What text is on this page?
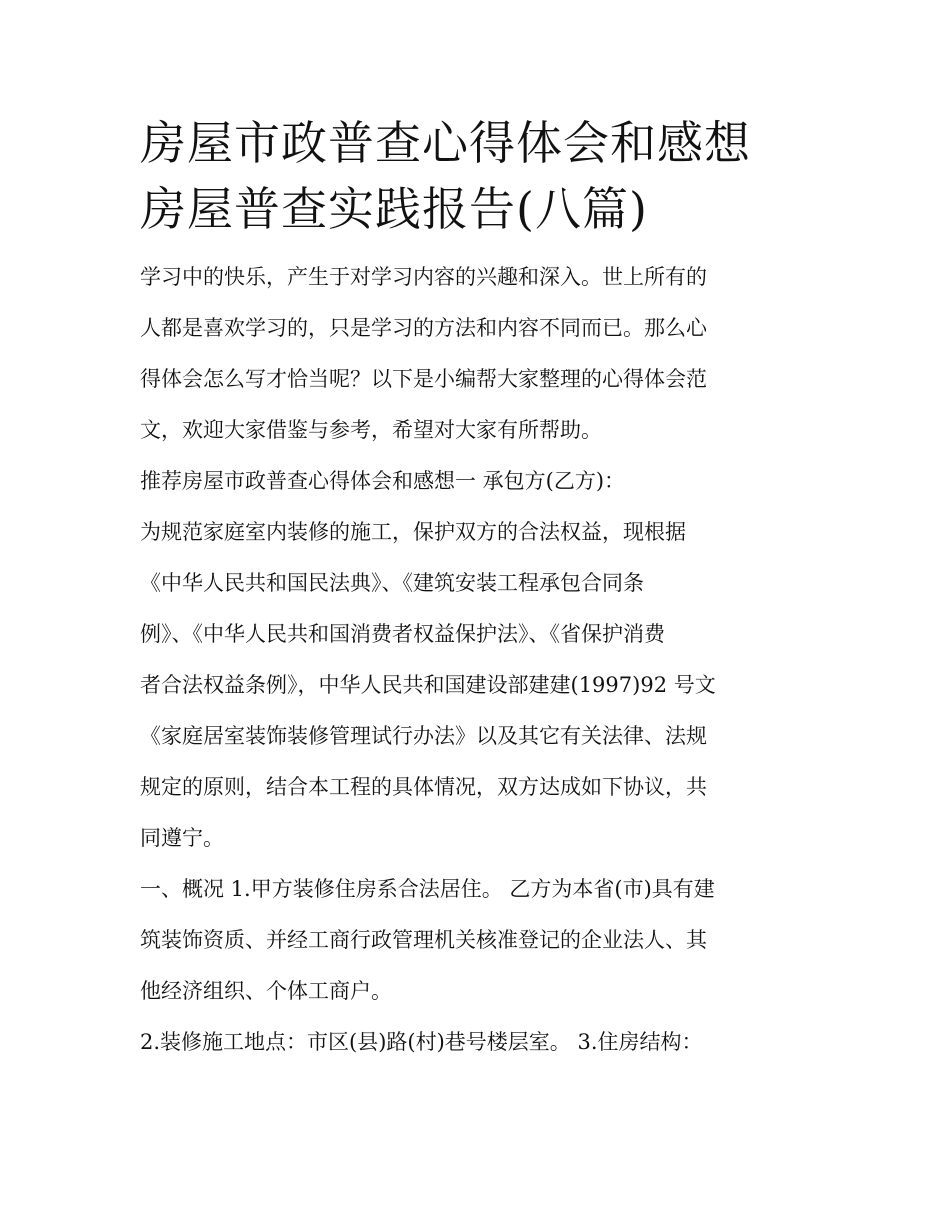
房屋市政普查心得体会和感想
房屋普查实践报告(八篇)

学习中的快乐，产生于对学习内容的兴趣和深入。世上所有的
人都是喜欢学习的，只是学习的方法和内容不同而已。那么心
得体会怎么写才恰当呢？以下是小编帮大家整理的心得体会范
文，欢迎大家借鉴与参考，希望对大家有所帮助。

推荐房屋市政普查心得体会和感想一 承包方(乙方)：

为规范家庭室内装修的施工，保护双方的合法权益，现根据
《中华人民共和国民法典》、《建筑安装工程承包合同条
例》、《中华人民共和国消费者权益保护法》、《省保护消费
者合法权益条例》，中华人民共和国建设部建建(1997)92 号文
《家庭居室装饰装修管理试行办法》以及其它有关法律、法规
规定的原则，结合本工程的具体情况，双方达成如下协议，共
同遵宁。

一、概况 1.甲方装修住房系合法居住。 乙方为本省(市)具有建
筑装饰资质、并经工商行政管理机关核准登记的企业法人、其
他经济组织、个体工商户。

2.装修施工地点：市区(县)路(村)巷号楼层室。 3.住房结构：
